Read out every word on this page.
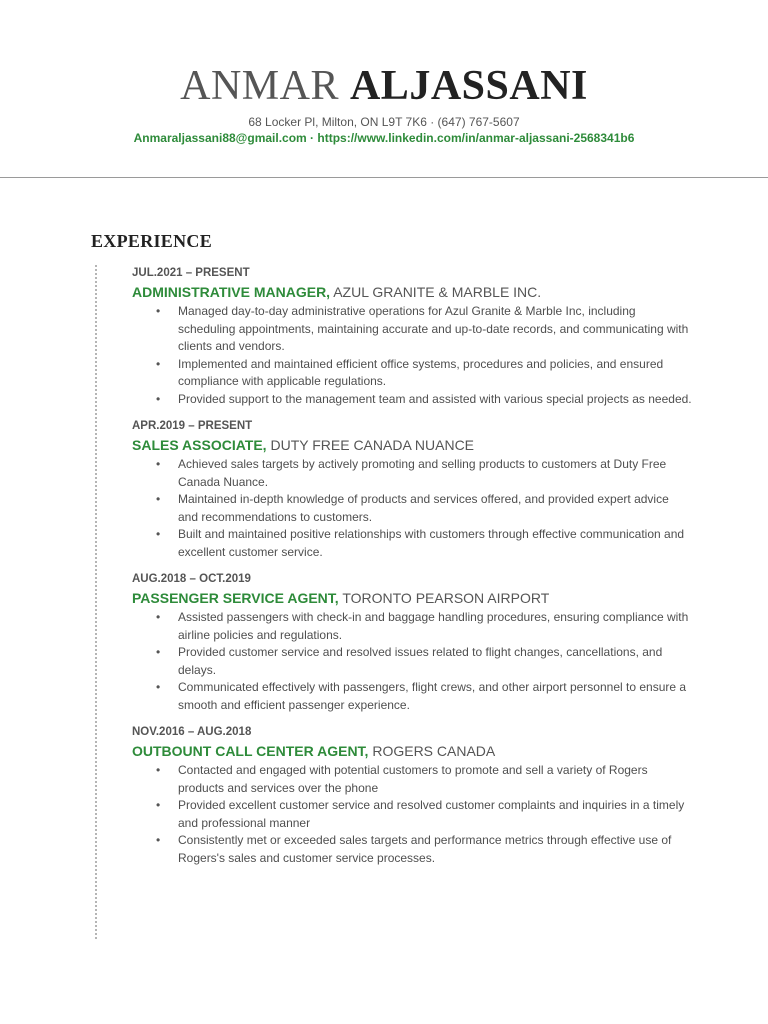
ANMAR ALJASSANI
68 Locker Pl, Milton, ON L9T 7K6 · (647) 767-5607
Anmaraljassani88@gmail.com · https://www.linkedin.com/in/anmar-aljassani-2568341b6
EXPERIENCE
JUL.2021 – PRESENT
ADMINISTRATIVE MANAGER, AZUL GRANITE & MARBLE INC.
• Managed day-to-day administrative operations for Azul Granite & Marble Inc, including scheduling appointments, maintaining accurate and up-to-date records, and communicating with clients and vendors.
• Implemented and maintained efficient office systems, procedures and policies, and ensured compliance with applicable regulations.
• Provided support to the management team and assisted with various special projects as needed.
APR.2019 – PRESENT
SALES ASSOCIATE, DUTY FREE CANADA NUANCE
• Achieved sales targets by actively promoting and selling products to customers at Duty Free Canada Nuance.
• Maintained in-depth knowledge of products and services offered, and provided expert advice and recommendations to customers.
• Built and maintained positive relationships with customers through effective communication and excellent customer service.
AUG.2018 – OCT.2019
PASSENGER SERVICE AGENT, TORONTO PEARSON AIRPORT
• Assisted passengers with check-in and baggage handling procedures, ensuring compliance with airline policies and regulations.
• Provided customer service and resolved issues related to flight changes, cancellations, and delays.
• Communicated effectively with passengers, flight crews, and other airport personnel to ensure a smooth and efficient passenger experience.
NOV.2016 – AUG.2018
OUTBOUNT CALL CENTER AGENT, ROGERS CANADA
• Contacted and engaged with potential customers to promote and sell a variety of Rogers products and services over the phone
• Provided excellent customer service and resolved customer complaints and inquiries in a timely and professional manner
• Consistently met or exceeded sales targets and performance metrics through effective use of Rogers's sales and customer service processes.
